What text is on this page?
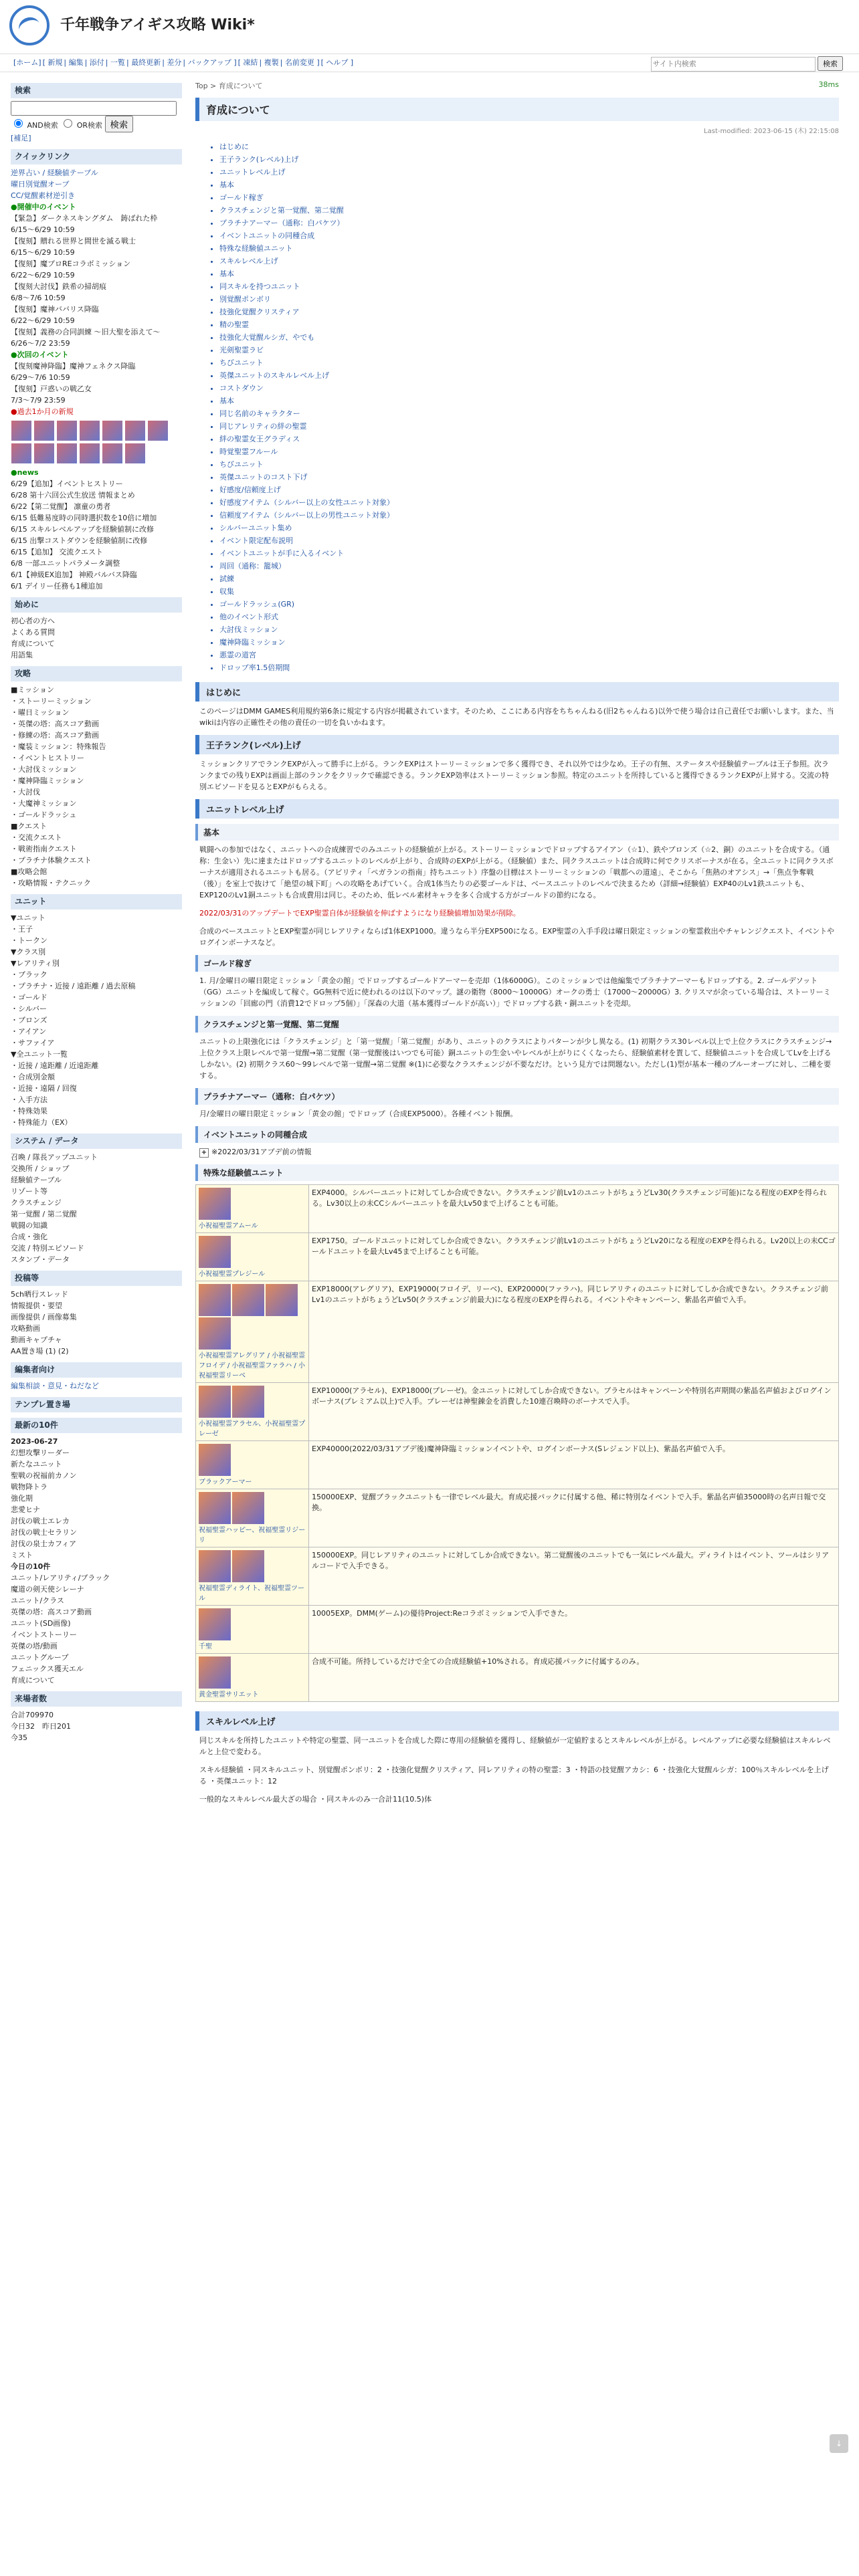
千年戦争アイギス攻略 Wiki*
[ホーム] [ 新規 | 編集 | 添付 | 一覧 | 最終更新 | 差分 | バックアップ ] [ 凍結 | 複製 | 名前変更 ] [ ヘルプ ]
サイト内検索	検索
検索

AND検索	OR検索 検索
[補足]
クイックリンク
逆界占い / 経験値テーブル
曜日別覚醒オーブ
CC/覚醒素材逆引き
●開催中のイベント
【緊急】ダークネスキングダム　鋳ばれた枠
6/15～6/29 10:59
【復刻】贈れる世界と間世を滅る戦士
6/15～6/29 10:59
【復刻】魔プロREコラボミッション
6/22～6/29 10:59
【復刻大討伐】鉄希の掃胡痕
6/8～7/6 10:59
【復刻】魔神ババリス降臨
6/22～6/29 10:59
【復刻】義務の合同訓練 ～旧大聖を添えて～
6/26～7/2 23:59
●次回のイベント
【復刻魔神降臨】魔神フェネクス降臨
6/29～7/6 10:59
【復刻】戸惑いの戦乙女
7/3～7/9 23:59
●過去1か月の新規
●news
6/29【追加】イベントヒストリー
6/28 第十六回公式生放送 情報まとめ
6/22【第二覚醒】 凛童の勇者
6/15 低難易度時の同時選択数を10倍に増加
6/15 スキルレベルアップを経験値制に改修
6/15 出撃コストダウンを経験値制に改修
6/15【追加】 交流クエスト
6/8 一部ユニットパラメータ調整
6/1【神級EX追加】 神殿バルバス降臨
6/1 デイリー任務も1種追加
始めに
初心者の方へ
よくある質問
育成について
用語集
攻略
■ミッション
・ストーリーミッション
・曜日ミッション
・英傑の塔：高スコア動画
・修練の塔：高スコア動画
・魔装ミッション：特殊報告
・イベントヒストリー
・大討伐ミッション
・魔神降臨ミッション
・大討伐
・大魔神ミッション
・ゴールドラッシュ
■クエスト
・交流クエスト
・戦術指南クエスト
・プラチナ体験クエスト
■攻略会館
・攻略情報・テクニック
ユニット
▼ユニット
・王子
・トークン
▼クラス別
▼レアリティ別
・ブラック
・プラチナ・近接 / 遠距離 / 過去原稿
・ゴールド
・シルバー
・ブロンズ
・アイアン
・サファイア
▼全ユニット一覧
・近接 / 遠距離 / 近遠距離
・合成別金額
・近接・遠隔 / 回復
・入手方法
・特殊効果
・特殊能力（EX）
システム / データ
召喚 / 隊長アップユニット
交換所 / ショップ
経験値テーブル
リゾート等
クラスチェンジ
第一覚醒 / 第二覚醒
戦闘の知識
合成・強化
交流 / 特別エピソード
スタンプ・データ
投稿等
5ch晒行スレッド
情報提供・要望
画像提供 / 画像募集
攻略動画
動画キャプチャ
AA置き場 (1) (2)
編集者向け
編集相談・意見・ねだなど
テンプレ置き場
最新の10件
2023-06-27
幻想攻撃リーダー
新たなユニット
聖戦の祝福前カノン
戦物降トラ
強化期
悲愛ヒナ
討伐の戦士エレカ
討伐の戦士セラリン
討伐の泉士カフィア
ミスト
今日の10件
ユニット/レアリティ/ブラック
魔道の剣天使シレーナ
ユニット/クラス
英傑の塔：高スコア動画
ユニット(SD画像)
イベントストーリー
英傑の塔/動画
ユニットグループ
フェニックス獲天エル
育成について
来場者数
合計709970
今日32　昨日201
今35
Top > 育成について	38ms
育成について
Last-modified: 2023-06-15 (木) 22:15:08
• はじめに
• 王子ランク(レベル)上げ
• ユニットレベル上げ
• 基本
• ゴールド稼ぎ
• クラスチェンジと第一覚醒、第二覚醒
• プラチナアーマー（通称：白パケツ）
• イベントユニットの同種合成
• 特殊な経験値ユニット
• スキルレベル上げ
• 基本
• 同スキルを持つユニット
• 別覚醒ポンボリ
• 技強化覚醒クリスティア
• 精の聖霊
• 技強化大覚醒ルシガ、やでも
• 光剣聖霊ラビ
• ちびユニット
• 英傑ユニットのスキルレベル上げ
• コストダウン
• 基本
• 同じ名前のキャラクター
• 同じアレリティの絆の聖霊
• 絆の聖霊女王グラディス
• 時覚聖霊フルール
• ちびユニット
• 英傑ユニットのコスト下げ
• 好感度/信頼度上げ
• 好感度アイテム（シルバー以上の女性ユニット対象）
• 信頼度アイテム（シルバー以上の男性ユニット対象）
• シルバーユニット集め
• イベント限定配布説明
• イベントユニットが手に入るイベント
• 周回（通称：籠城）
• 試練
• 収集
• ゴールドラッシュ(GR)
• 他のイベント形式
• 大討伐ミッション
• 魔神降臨ミッション
• 悪霊の道宮
• ドロップ率1.5倍期間
はじめに
このページはDMM GAMES利用規約第6条に規定する内容が掲載されています。そのため、ここにある内容をちちゃんねる(旧2ちゃんねる)以外で使う場合は自己責任でお願いします。また、当wikiは内容の正確性その他の責任の一切を負いかねます。
王子ランク(レベル)上げ
ミッションクリアでランクEXPが入って勝手に上がる。ランクEXPはストーリーミッションで多く獲得でき、それ以外では少なめ。王子の有無、ステータスや経験値テーブルは王子参照。次ランクまでの残りEXPは画面上部のランクをクリックで確認できる。ランクEXP効率はストーリーミッション参照。特定のユニットを所持していると獲得できるランクEXPが上昇する。交流の特別エピソードを見るとEXPがもらえる。
ユニットレベル上げ
基本
戦闘への参加ではなく、ユニットへの合成練習でのみユニットの経験値が上がる。ストーリーミッションでドロップするアイアン（☆1）、鉄やブロンズ（☆2、銅）のユニットを合成する。（通称：生金い）先に達またはドロップするユニットのレベルが上がり、合成時のEXPが上がる。（経験値）また、同クラスユニットは合成時に何でクリスボーナスが在る。全ユニットに同クラスボーナスが適用されるユニットも居る。（アビリティ「ペガランの指南」持ちユニット）序盤の目標はストーリーミッションの「戦都への道遠」、そこから「焦熱のオアシス」→「焦点争奪戦（後）」を室上で抜けて「絶望の城下町」への攻略をあげていく。合成1体当たりの必要ゴールドは、ベースユニットのレベルで決まるため（詳細→経験値）EXP40のLv1鉄ユニットも、EXP120のLv1銅ユニットも合成費用は同じ。そのため、低レベル素材キャラを多く合成する方がゴールドの節約になる。
2022/03/31のアップデートでEXP聖霊自体が経験値を伸ばすようになり経験値増加効果が削除。
合成のベースユニットとEXP聖霊が同じレアリティならば1体EXP1000。違うなら半分EXP500になる。EXP聖霊の入手手段は曜日限定ミッションの聖霊救出やチャレンジクエスト、イベントやログインボーナスなど。
ゴールド稼ぎ
1. 月/金曜日の曜日限定ミッション「黄金の館」でドロップするゴールドアーマーを売却（1体6000G）。このミッションでは他編集でプラチナアーマーもドロップする。2. ゴールデソット（GG）ユニットを編成して稼ぐ。GG無料で近に使われるのは以下のマップ。謎の衛物（8000～10000G）オークの勇士（17000～20000G）3. クリスマが余っている場合は、ストーリーミッションの「回廊の門（消費12でドロップ5個）」「深森の大道（基本獲得ゴールドが高い）」でドロップする鉄・銅ユニットを売却。
クラスチェンジと第一覚醒、第二覚醒
ユニットの上限強化には「クラスチェンジ」と「第一覚醒」「第二覚醒」があり、ユニットのクラスによりパターンが少し異なる。(1) 初期クラス30レベル以上で上位クラスにクラスチェンジ→上位クラス上限レベルで第一覚醒→第二覚醒（第一覚醒後はいつでも可能）銅ユニットの生金いやレベルが上がりにくくなったら、経験値素材を貰して、経験値ユニットを合成してLvを上げるしかない。(2) 初期クラス60～99レベルで第一覚醒→第二覚醒 ※(1)に必要なクラスチェンジが不要なだけ。という見方では問題ない。ただし(1)型が基本一種のブルーオーブに対し、二種を要する。
プラチナアーマー（通称：白パケツ）
月/金曜日の曜日限定ミッション「黄金の館」でドロップ（合成EXP5000）。各種イベント報酬。
イベントユニットの同種合成
+ ※2022/03/31アプデ前の情報
特殊な経験値ユニット
小祝福聖霊アムール	EXP4000。シルバーユニットに対してしか合成できない。クラスチェンジ前Lv1のユニットがちょうどLv30(クラスチェンジ可能)になる程度のEXPを得られる。Lv30以上の未CCシルバーユニットを最大Lv50まで上げることも可能。

小祝福聖霊プレジール	EXP1750。ゴールドユニットに対してしか合成できない。クラスチェンジ前Lv1のユニットがちょうどLv20になる程度のEXPを得られる。Lv20以上の未CCゴールドユニットを最大Lv45まで上げることも可能。

小祝福聖霊アレグリア / 小祝福聖霊フロイデ / 小祝福聖霊ファラハ / 小祝福聖霊リーベ	EXP18000(アレグリア)、EXP19000(フロイデ、リーベ)、EXP20000(ファラハ)。同じレアリティのユニットに対してしか合成できない。クラスチェンジ前Lv1のユニットがちょうどLv50(クラスチェンジ前最大)になる程度のEXPを得られる。イベントやキャンペーン、紫晶名声値で入手。

小祝福聖霊アラセル、小祝福聖霊プレーゼ	EXP10000(アラセル)、EXP18000(プレーゼ)。金ユニットに対してしか合成できない。プラセルはキャンペーンや特別名声期間の紫晶名声値およびログインボーナス(プレミアム以上)で入手。プレーゼは神聖錬金を消費した10連召喚時のボーナスで入手。

ブラックアーマー	EXP40000(2022/03/31アプデ後)魔神降臨ミッションイベントや、ログインボーナス(Sレジェンド以上)、紫晶名声値で入手。

祝福聖霊ハッピー、祝福聖霊リジーリ	150000EXP、覚醒ブラックユニットも一律でレベル最大。育成応援パックに付属する他、稀に特別なイベントで入手。紫晶名声値35000時の名声日報で交換。

祝福聖霊ディライト、祝福聖霊ツール	150000EXP。同じレアリティのユニットに対してしか合成できない。第二覚醒後のユニットでも一気にレベル最大。ディライトはイベント、ツールはシリアルコードで入手できる。

千聖	10005EXP。DMM(ゲーム)の優待Project:Reコラボミッションで入手できた。

黄金聖霊サリエット	合成不可能。所持しているだけで全ての合成経験値+10%される。育成応援パックに付属するのみ。
スキルレベル上げ
同じスキルを所持したユニットや特定の聖霊、同一ユニットを合成した際に専用の経験値を獲得し、経験値が一定値貯まるとスキルレベルが上がる。レベルアップに必要な経験値はスキルレベルと上位で変わる。
スキル経験値 ・同スキルユニット、別覚醒ポンボリ：2 ・技強化覚醒クリスティア、同レアリティの特の聖霊：3 ・特語の技覚醒アカシ：6 ・技強化大覚醒ルシガ：100％スキルレベルを上げる ・英傑ユニット：12
一般的なスキルレベル最大ざの場合 ・同スキルのみ一合計11(10.5)体
↓
